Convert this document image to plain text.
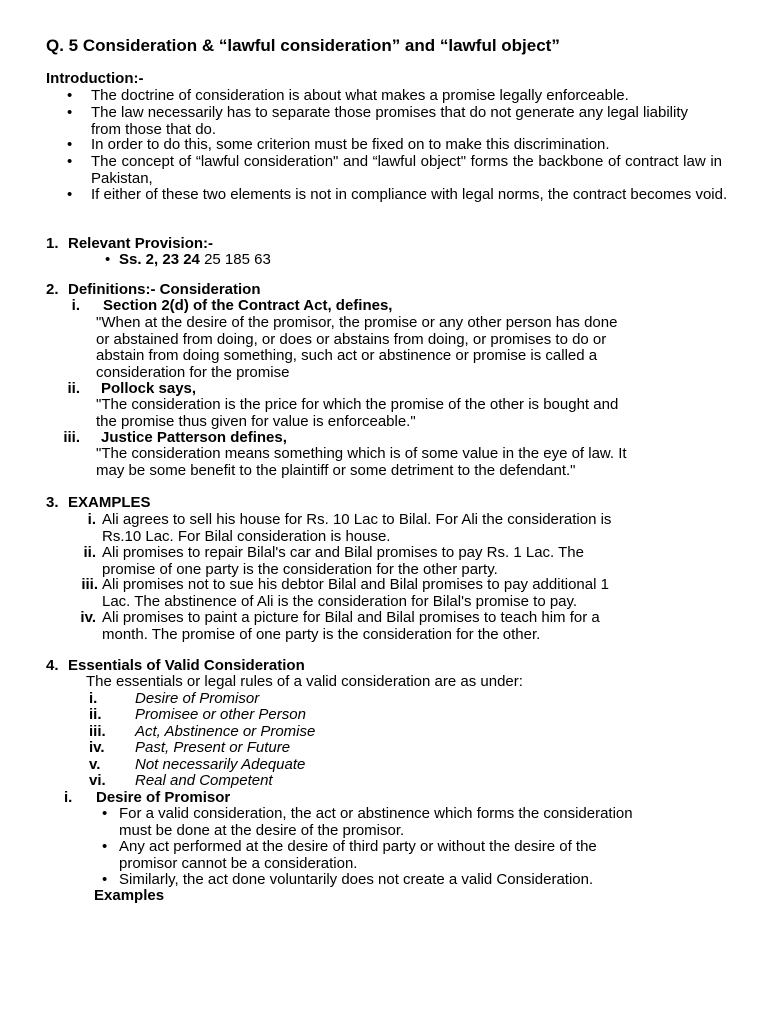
Q. 5 Consideration & “lawful consideration” and “lawful object”
Introduction:-
• The doctrine of consideration is about what makes a promise legally enforceable.
• The law necessarily has to separate those promises that do not generate any legal liability from those that do.
• In order to do this, some criterion must be fixed on to make this discrimination.
• The concept of “lawful consideration" and “lawful object" forms the backbone of contract law in Pakistan,
• If either of these two elements is not in compliance with legal norms, the contract becomes void.
1. Relevant Provision:-
• Ss. 2, 23 24 25 185 63
2. Definitions:- Consideration
i. Section 2(d) of the Contract Act, defines,
"When at the desire of the promisor, the promise or any other person has done
or abstained from doing, or does or abstains from doing, or promises to do or
abstain from doing something, such act or abstinence or promise is called a
consideration for the promise
ii. Pollock says,
"The consideration is the price for which the promise of the other is bought and
the promise thus given for value is enforceable."
iii. Justice Patterson defines,
"The consideration means something which is of some value in the eye of law. It
may be some benefit to the plaintiff or some detriment to the defendant."
3. EXAMPLES
i. Ali agrees to sell his house for Rs. 10 Lac to Bilal. For Ali the consideration is
Rs.10 Lac. For Bilal consideration is house.
ii. Ali promises to repair Bilal's car and Bilal promises to pay Rs. 1 Lac. The
promise of one party is the consideration for the other party.
iii. Ali promises not to sue his debtor Bilal and Bilal promises to pay additional 1
Lac. The abstinence of Ali is the consideration for Bilal's promise to pay.
iv. Ali promises to paint a picture for Bilal and Bilal promises to teach him for a
month. The promise of one party is the consideration for the other.
4. Essentials of Valid Consideration
The essentials or legal rules of a valid consideration are as under:
i.	Desire of Promisor
ii. Promisee or other Person
iii. Act, Abstinence or Promise
iv. Past, Present or Future
v. Not necessarily Adequate
vi. Real and Competent
i. Desire of Promisor
• For a valid consideration, the act or abstinence which forms the consideration
must be done at the desire of the promisor.
• Any act performed at the desire of third party or without the desire of the
promisor cannot be a consideration.
• Similarly, the act done voluntarily does not create a valid Consideration.
Examples
